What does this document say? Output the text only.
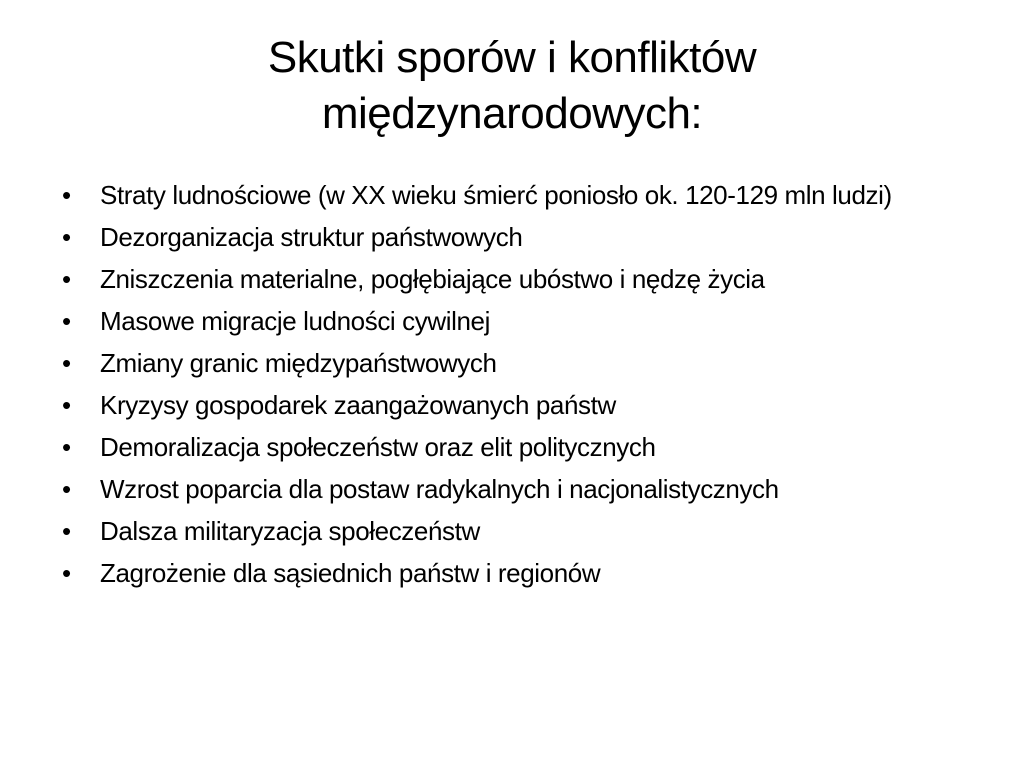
Skutki sporów i konfliktów
międzynarodowych:
•	Straty ludnościowe (w XX wieku śmierć poniosło ok. 120-129 mln ludzi)
•	Dezorganizacja struktur państwowych
•	Zniszczenia materialne, pogłębiające ubóstwo i nędzę życia
•	Masowe migracje ludności cywilnej
•	Zmiany granic międzypaństwowych
•	Kryzysy gospodarek zaangażowanych państw
•	Demoralizacja społeczeństw oraz elit politycznych
•	Wzrost poparcia dla postaw radykalnych i nacjonalistycznych
•	Dalsza militaryzacja społeczeństw
•	Zagrożenie dla sąsiednich państw i regionów
